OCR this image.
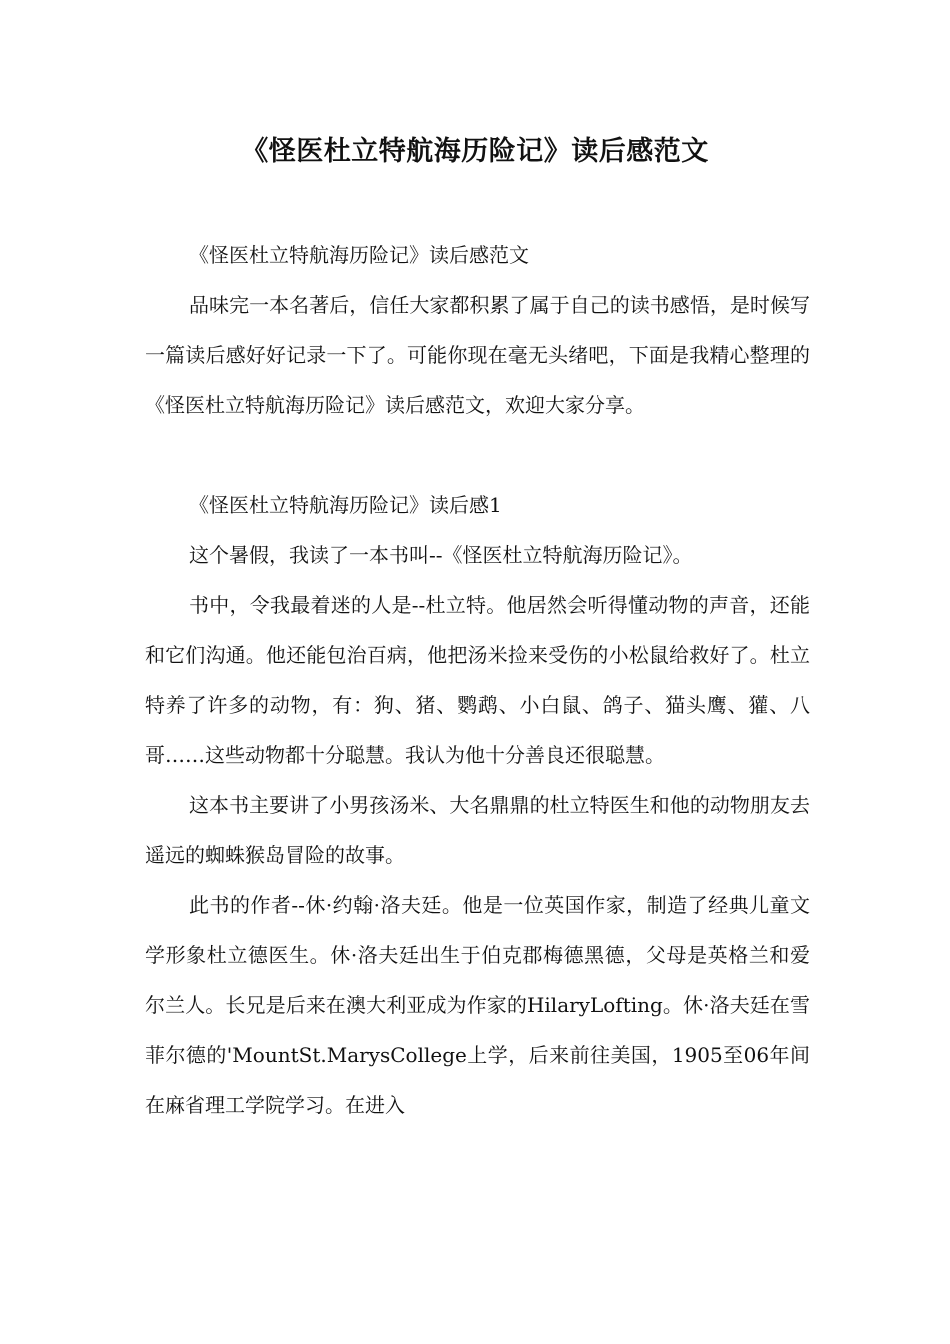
《怪医杜立特航海历险记》读后感范文

《怪医杜立特航海历险记》读后感范文

品味完一本名著后，信任大家都积累了属于自己的读书感悟，是时候写一篇读后感好好记录一下了。可能你现在毫无头绪吧，下面是我精心整理的《怪医杜立特航海历险记》读后感范文，欢迎大家分享。

《怪医杜立特航海历险记》读后感1

这个暑假，我读了一本书叫--《怪医杜立特航海历险记》。

书中，令我最着迷的人是--杜立特。他居然会听得懂动物的声音，还能和它们沟通。他还能包治百病，他把汤米捡来受伤的小松鼠给救好了。杜立特养了许多的动物，有：狗、猪、鹦鹉、小白鼠、鸽子、猫头鹰、獾、八哥……这些动物都十分聪慧。我认为他十分善良还很聪慧。

这本书主要讲了小男孩汤米、大名鼎鼎的杜立特医生和他的动物朋友去遥远的蜘蛛猴岛冒险的故事。

此书的作者--休·约翰·洛夫廷。他是一位英国作家，制造了经典儿童文学形象杜立德医生。休·洛夫廷出生于伯克郡梅德黑德，父母是英格兰和爱尔兰人。长兄是后来在澳大利亚成为作家的HilaryLofting。休·洛夫廷在雪菲尔德的'MountSt.MarysCollege上学，后来前往美国，1905至06年间在麻省理工学院学习。在进入
